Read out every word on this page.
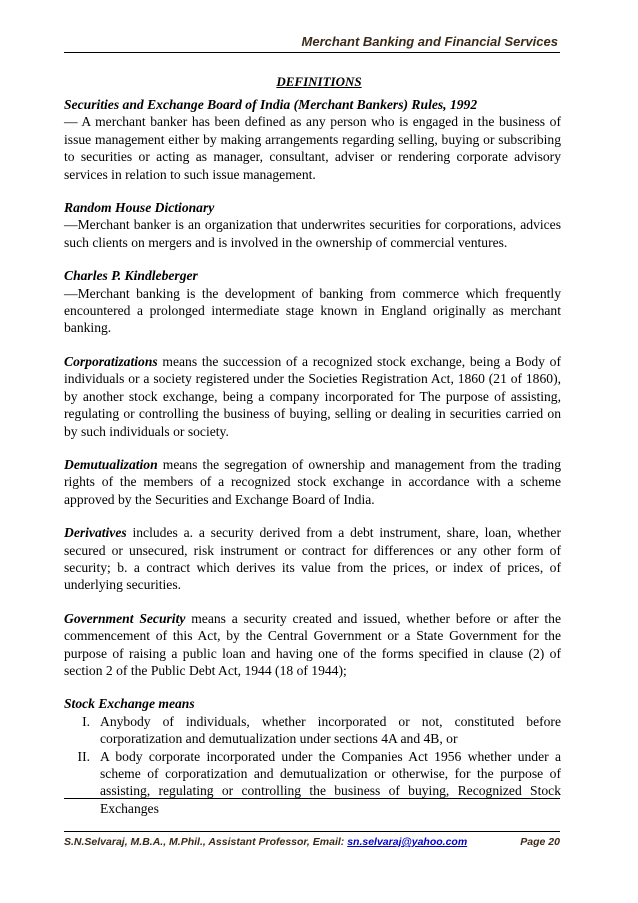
Merchant Banking and Financial Services
DEFINITIONS

Securities and Exchange Board of India (Merchant Bankers) Rules, 1992
— A merchant banker has been defined as any person who is engaged in the business of issue management either by making arrangements regarding selling, buying or subscribing to securities or acting as manager, consultant, adviser or rendering corporate advisory services in relation to such issue management.

Random House Dictionary
—Merchant banker is an organization that underwrites securities for corporations, advices such clients on mergers and is involved in the ownership of commercial ventures.

Charles P. Kindleberger
—Merchant banking is the development of banking from commerce which frequently encountered a prolonged intermediate stage known in England originally as merchant banking.

Corporatizations means the succession of a recognized stock exchange, being a Body of individuals or a society registered under the Societies Registration Act, 1860 (21 of 1860), by another stock exchange, being a company incorporated for The purpose of assisting, regulating or controlling the business of buying, selling or dealing in securities carried on by such individuals or society.

Demutualization means the segregation of ownership and management from the trading rights of the members of a recognized stock exchange in accordance with a scheme approved by the Securities and Exchange Board of India.

Derivatives includes a. a security derived from a debt instrument, share, loan, whether secured or unsecured, risk instrument or contract for differences or any other form of security; b. a contract which derives its value from the prices, or index of prices, of underlying securities.

Government Security means a security created and issued, whether before or after the commencement of this Act, by the Central Government or a State Government for the purpose of raising a public loan and having one of the forms specified in clause (2) of section 2 of the Public Debt Act, 1944 (18 of 1944);

Stock Exchange means
I. Anybody of individuals, whether incorporated or not, constituted before corporatization and demutualization under sections 4A and 4B, or
II. A body corporate incorporated under the Companies Act 1956 whether under a scheme of corporatization and demutualization or otherwise, for the purpose of assisting, regulating or controlling the business of buying, Recognized Stock Exchanges
S.N.Selvaraj, M.B.A., M.Phil., Assistant Professor, Email: sn.selvaraj@yahoo.com	Page 20
